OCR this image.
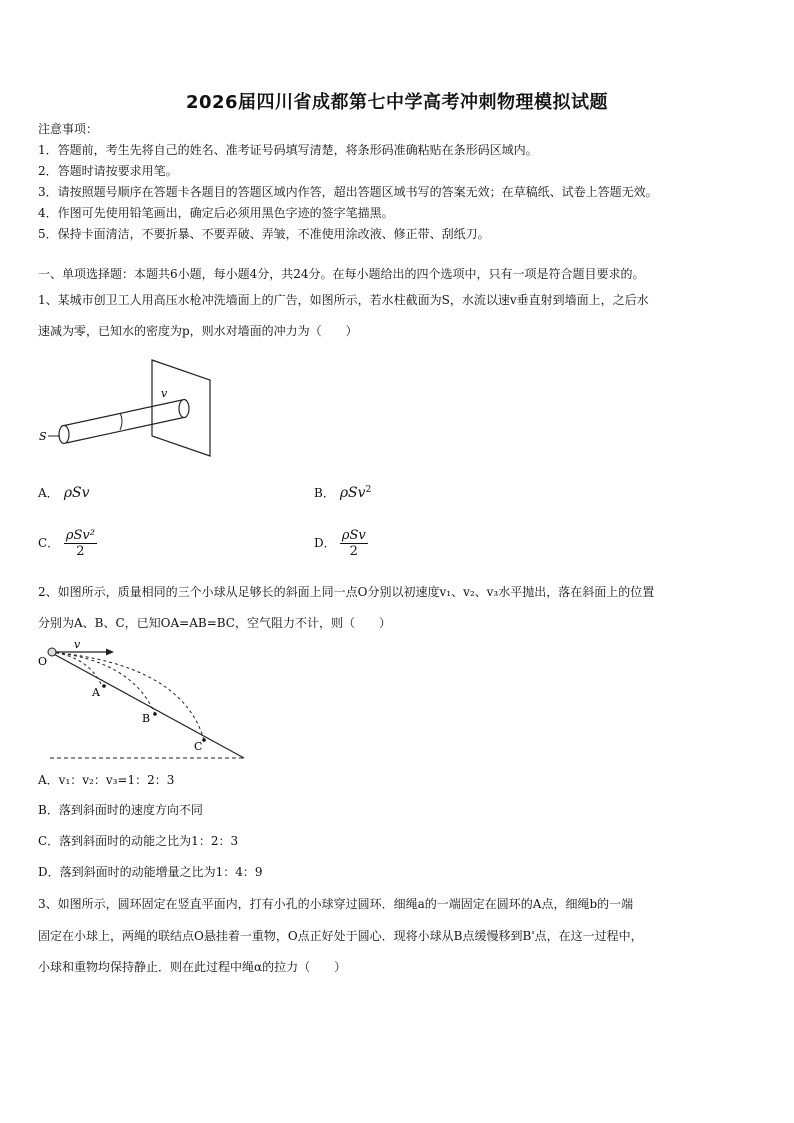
2026届四川省成都第七中学高考冲刺物理模拟试题
注意事项：
1．答题前，考生先将自己的姓名、准考证号码填写清楚，将条形码准确粘贴在条形码区域内。
2．答题时请按要求用笔。
3．请按照题号顺序在答题卡各题目的答题区域内作答，超出答题区域书写的答案无效；在草稿纸、试卷上答题无效。
4．作图可先使用铅笔画出，确定后必须用黑色字迹的签字笔描黑。
5．保持卡面清洁，不要折暴、不要弄破、弄皱，不准使用涂改液、修正带、刮纸刀。
一、单项选择题：本题共6小题，每小题4分，共24分。在每小题给出的四个选项中，只有一项是符合题目要求的。
1、某城市创卫工人用高压水枪冲洗墙面上的广告，如图所示，若水柱截面为S，水流以速v垂直射到墙面上，之后水
速减为零，已知水的密度为p，则水对墙面的冲力为（　　）
v
S
A． ρSv	B． ρSv$^2$
C． $\frac{\text{ρSv²}}{2}$	D． $\frac{\text{ρSv}}{2}$
2、如图所示，质量相同的三个小球从足够长的斜面上同一点O分别以初速度v₁、v₂、v₃水平抛出，落在斜面上的位置
分别为A、B、C，已知OA=AB=BC，空气阻力不计，则（　　）
v
O
A
B
C
A．v₁：v₂：v₃=1：2：3
B．落到斜面时的速度方向不同
C．落到斜面时的动能之比为1：2：3
D．落到斜面时的动能增量之比为1：4：9
3、如图所示，圆环固定在竖直平面内，打有小孔的小球穿过圆环．细绳a的一端固定在圆环的A点，细绳b的一端
固定在小球上，两绳的联结点O悬挂着一重物，O点正好处于圆心．现将小球从B点缓慢移到B'点，在这一过程中，
小球和重物均保持静止．则在此过程中绳α的拉力（　　）
